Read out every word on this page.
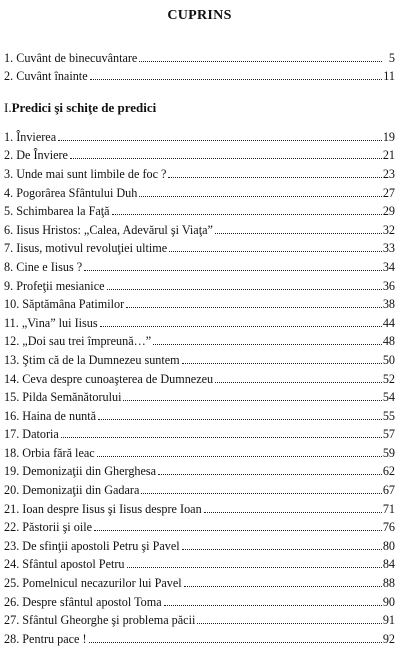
CUPRINS
1. Cuvânt de binecuvântare	5
2. Cuvânt înainte	11
I.Predici şi schiţe de predici
1. Învierea	19
2. De Înviere	21
3. Unde mai sunt limbile de foc ?	23
4. Pogorârea Sfântului Duh	27
5. Schimbarea la Faţă	29
6. Iisus Hristos: „Calea, Adevărul şi Viaţa”	32
7. Iisus, motivul revoluţiei ultime	33
8. Cine e Iisus ?	34
9. Profeţii mesianice	36
10. Săptămâna Patimilor	38
11. „Vina” lui Iisus	44
12. „Doi sau trei împreună…”	48
13. Ştim că de la Dumnezeu suntem	50
14. Ceva despre cunoaşterea de Dumnezeu	52
15. Pilda Semănătorului	54
16. Haina de nuntă	55
17. Datoria	57
18. Orbia fără leac	59
19. Demonizaţii din Gherghesa	62
20. Demonizaţii din Gadara	67
21. Ioan despre Iisus şi Iisus despre Ioan	71
22. Păstorii şi oile	76
23. De sfinţii apostoli Petru şi Pavel	80
24. Sfântul apostol Petru	84
25. Pomelnicul necazurilor lui Pavel	88
26. Despre sfântul apostol Toma	90
27. Sfântul Gheorghe şi problema păcii	91
28. Pentru pace !	92
